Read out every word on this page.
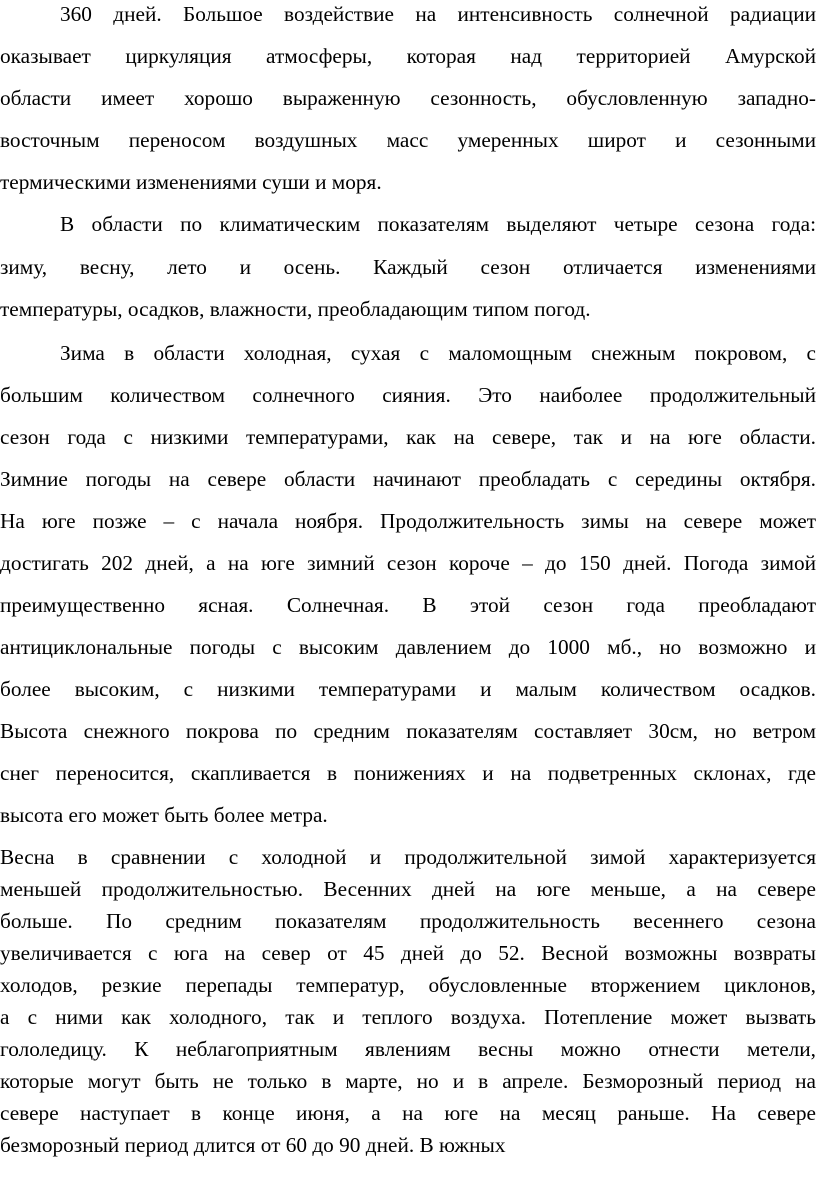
360 дней. Большое воздействие на интенсивность солнечной радиации
оказывает циркуляция атмосферы, которая над территорией Амурской
области имеет хорошо выраженную сезонность, обусловленную западно-
восточным переносом воздушных масс умеренных широт и сезонными
термическими изменениями суши и моря.
В области по климатическим показателям выделяют четыре сезона года:
зиму, весну, лето и осень. Каждый сезон отличается изменениями
температуры, осадков, влажности, преобладающим типом погод.
Зима в области холодная, сухая с маломощным снежным покровом, с
большим количеством солнечного сияния. Это наиболее продолжительный
сезон года с низкими температурами, как на севере, так и на юге области.
Зимние погоды на севере области начинают преобладать с середины октября.
На юге позже – с начала ноября. Продолжительность зимы на севере может
достигать 202 дней, а на юге зимний сезон короче – до 150 дней. Погода зимой
преимущественно ясная. Солнечная. В этой сезон года преобладают
антициклональные погоды с высоким давлением до 1000 мб., но возможно и
более высоким, с низкими температурами и малым количеством осадков.
Высота снежного покрова по средним показателям составляет 30см, но ветром
снег переносится, скапливается в понижениях и на подветренных склонах, где
высота его может быть более метра.
Весна в сравнении с холодной и продолжительной зимой характеризуется
меньшей продолжительностью. Весенних дней на юге меньше, а на севере
больше. По средним показателям продолжительность весеннего сезона
увеличивается с юга на север от 45 дней до 52. Весной возможны возвраты
холодов, резкие перепады температур, обусловленные вторжением циклонов,
а с ними как холодного, так и теплого воздуха. Потепление может вызвать
гололедицу. К неблагоприятным явлениям весны можно отнести метели,
которые могут быть не только в марте, но и в апреле. Безморозный период на
севере наступает в конце июня, а на юге на месяц раньше. На севере
безморозный период длится от 60 до 90 дней. В южных
